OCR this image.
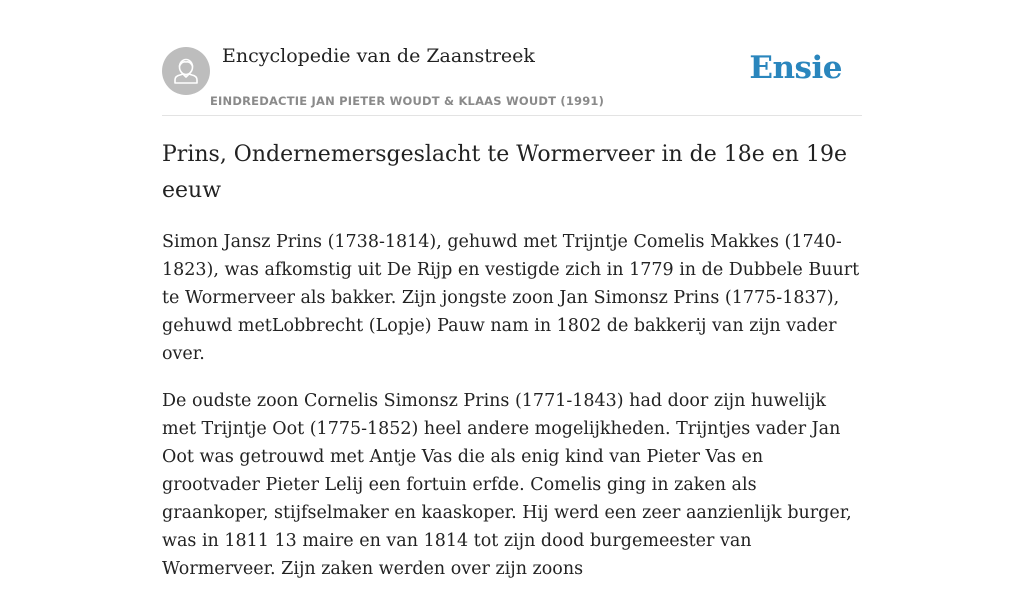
Encyclopedie van de Zaanstreek
EINDREDACTIE JAN PIETER WOUDT & KLAAS WOUDT (1991)
Ensie
Prins, Ondernemersgeslacht te Wormerveer in de 18e en 19e eeuw

Simon Jansz Prins (1738-1814), gehuwd met Trijntje Comelis Makkes (1740-1823), was afkomstig uit De Rijp en vestigde zich in 1779 in de Dubbele Buurt te Wormerveer als bakker. Zijn jongste zoon Jan Simonsz Prins (1775-1837), gehuwd metLobbrecht (Lopje) Pauw nam in 1802 de bakkerij van zijn vader over.

De oudste zoon Cornelis Simonsz Prins (1771-1843) had door zijn huwelijk met Trijntje Oot (1775-1852) heel andere mogelijkheden. Trijntjes vader Jan Oot was getrouwd met Antje Vas die als enig kind van Pieter Vas en grootvader Pieter Lelij een fortuin erfde. Comelis ging in zaken als graankoper, stijfselmaker en kaaskoper. Hij werd een zeer aanzienlijk burger, was in 1811 13 maire en van 1814 tot zijn dood burgemeester van Wormerveer. Zijn zaken werden over zijn zoons
